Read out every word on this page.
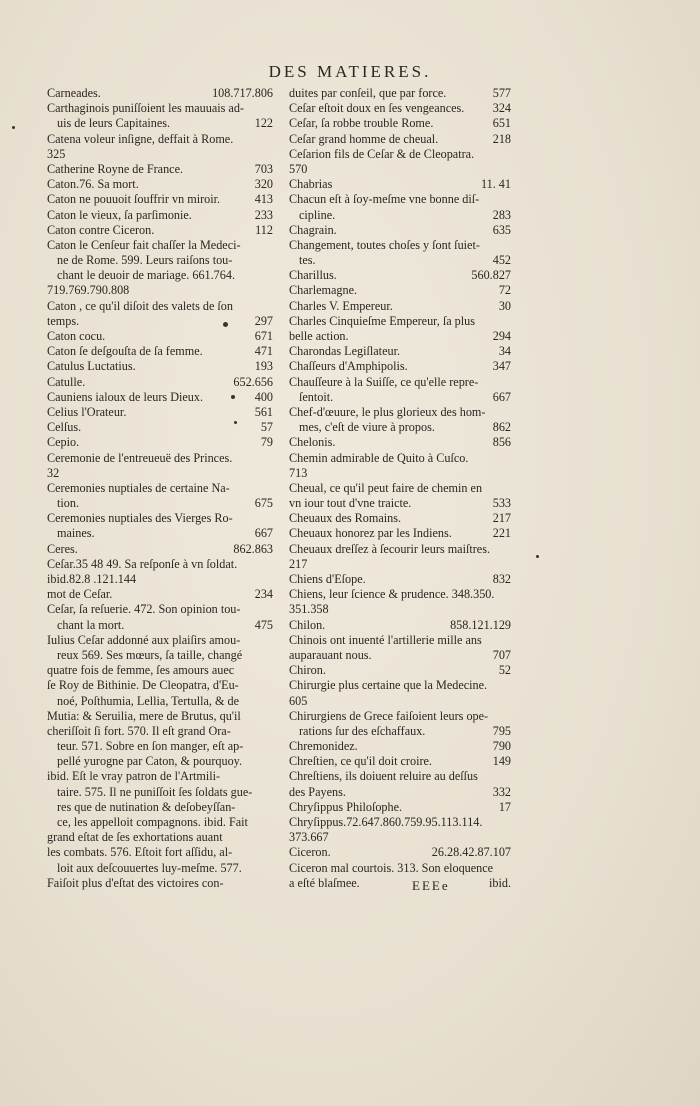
DES MATIERES.
Carneades.	108.717.806
Carthaginois puniſſoient les mauuais ad-
uis de leurs Capitaines.	122
Catena voleur inſigne, deffait à Rome.
325
Catherine Royne de France.	703
Caton.76. Sa mort.	320
Caton ne pouuoit ſouffrir vn miroir.	413
Caton le vieux, ſa parſimonie.	233
Caton contre Ciceron.	112
Caton le Cenſeur fait chaſſer la Medeci-
ne de Rome. 599. Leurs raiſons tou-
chant le deuoir de mariage. 661.764.
719.769.790.808
Caton , ce qu'il diſoit des valets de ſon
temps.	297
Caton cocu.	671
Caton ſe deſgouſta de ſa femme.	471
Catulus Luctatius.	193
Catulle.	652.656
Cauniens ialoux de leurs Dieux.	400
Celius l'Orateur.	561
Celſus.	57
Cepio.	79
Ceremonie de l'entreueuë des Princes.
32
Ceremonies nuptiales de certaine Na-
tion.	675
Ceremonies nuptiales des Vierges Ro-
maines.	667
Ceres.	862.863
Ceſar.35 48 49. Sa reſponſe à vn ſoldat.
ibid.82.8 .121.144
mot de Ceſar.	234
Ceſar, ſa reſuerie. 472. Son opinion tou-
chant la mort.	475
Iulius Ceſar addonné aux plaiſirs amou-
reux 569. Ses mœurs, ſa taille, changé
quatre fois de femme, ſes amours auec
ſe Roy de Bithinie. De Cleopatra, d'Eu-
noé, Poſthumia, Lellia, Tertulla, & de
Mutia: & Seruilia, mere de Brutus, qu'il
cheriſſoit ſi fort. 570. Il eſt grand Ora-
teur. 571. Sobre en ſon manger, eſt ap-
pellé yurogne par Caton, & pourquoy.
ibid. Eſt le vray patron de l'Artmili-
taire. 575. Il ne puniſſoit ſes ſoldats gue-
res que de nutination & deſobeyſſan-
ce, les appelloit compagnons. ibid. Fait
grand eſtat de ſes exhortations auant
les combats. 576. Eſtoit fort aſſidu, al-
loit aux deſcouuertes luy-meſme. 577.
Faiſoit plus d'eſtat des victoires con-
duites par conſeil, que par force.	577
Ceſar eſtoit doux en ſes vengeances.	324
Ceſar, ſa robbe trouble Rome.	651
Ceſar grand homme de cheual.	218
Ceſarion fils de Ceſar & de Cleopatra.
570
Chabrias	11. 41
Chacun eſt à ſoy-meſme vne bonne diſ-
cipline.	283
Chagrain.	635
Changement, toutes choſes y ſont ſuiet-
tes.	452
Charillus.	560.827
Charlemagne.	72
Charles V. Empereur.	30
Charles Cinquieſme Empereur, ſa plus
belle action.	294
Charondas Legiſlateur.	34
Chaſſeurs d'Amphipolis.	347
Chauſſeure à la Suiſſe, ce qu'elle repre-
ſentoit.	667
Chef-d'œuure, le plus glorieux des hom-
mes, c'eſt de viure à propos.	862
Chelonis.	856
Chemin admirable de Quito à Cuſco.
713
Cheual, ce qu'il peut faire de chemin en
vn iour tout d'vne traicte.	533
Cheuaux des Romains.	217
Cheuaux honorez par les Indiens.	221
Cheuaux dreſſez à ſecourir leurs maiſtres.
217
Chiens d'Eſope.	832
Chiens, leur ſcience & prudence. 348.350.
351.358
Chilon.	858.121.129
Chinois ont inuenté l'artillerie mille ans
auparauant nous.	707
Chiron.	52
Chirurgie plus certaine que la Medecine.
605
Chirurgiens de Grece faiſoient leurs ope-
rations ſur des eſchaffaux.	795
Chremonidez.	790
Chreſtien, ce qu'il doit croire.	149
Chreſtiens, ils doiuent reluire au deſſus
des Payens.	332
Chryſippus Philoſophe.	17
Chryſippus.72.647.860.759.95.113.114.
373.667
Ciceron.	26.28.42.87.107
Ciceron mal courtois. 313. Son eloquence
a eſté blaſmee.	ibid.
EEEe
